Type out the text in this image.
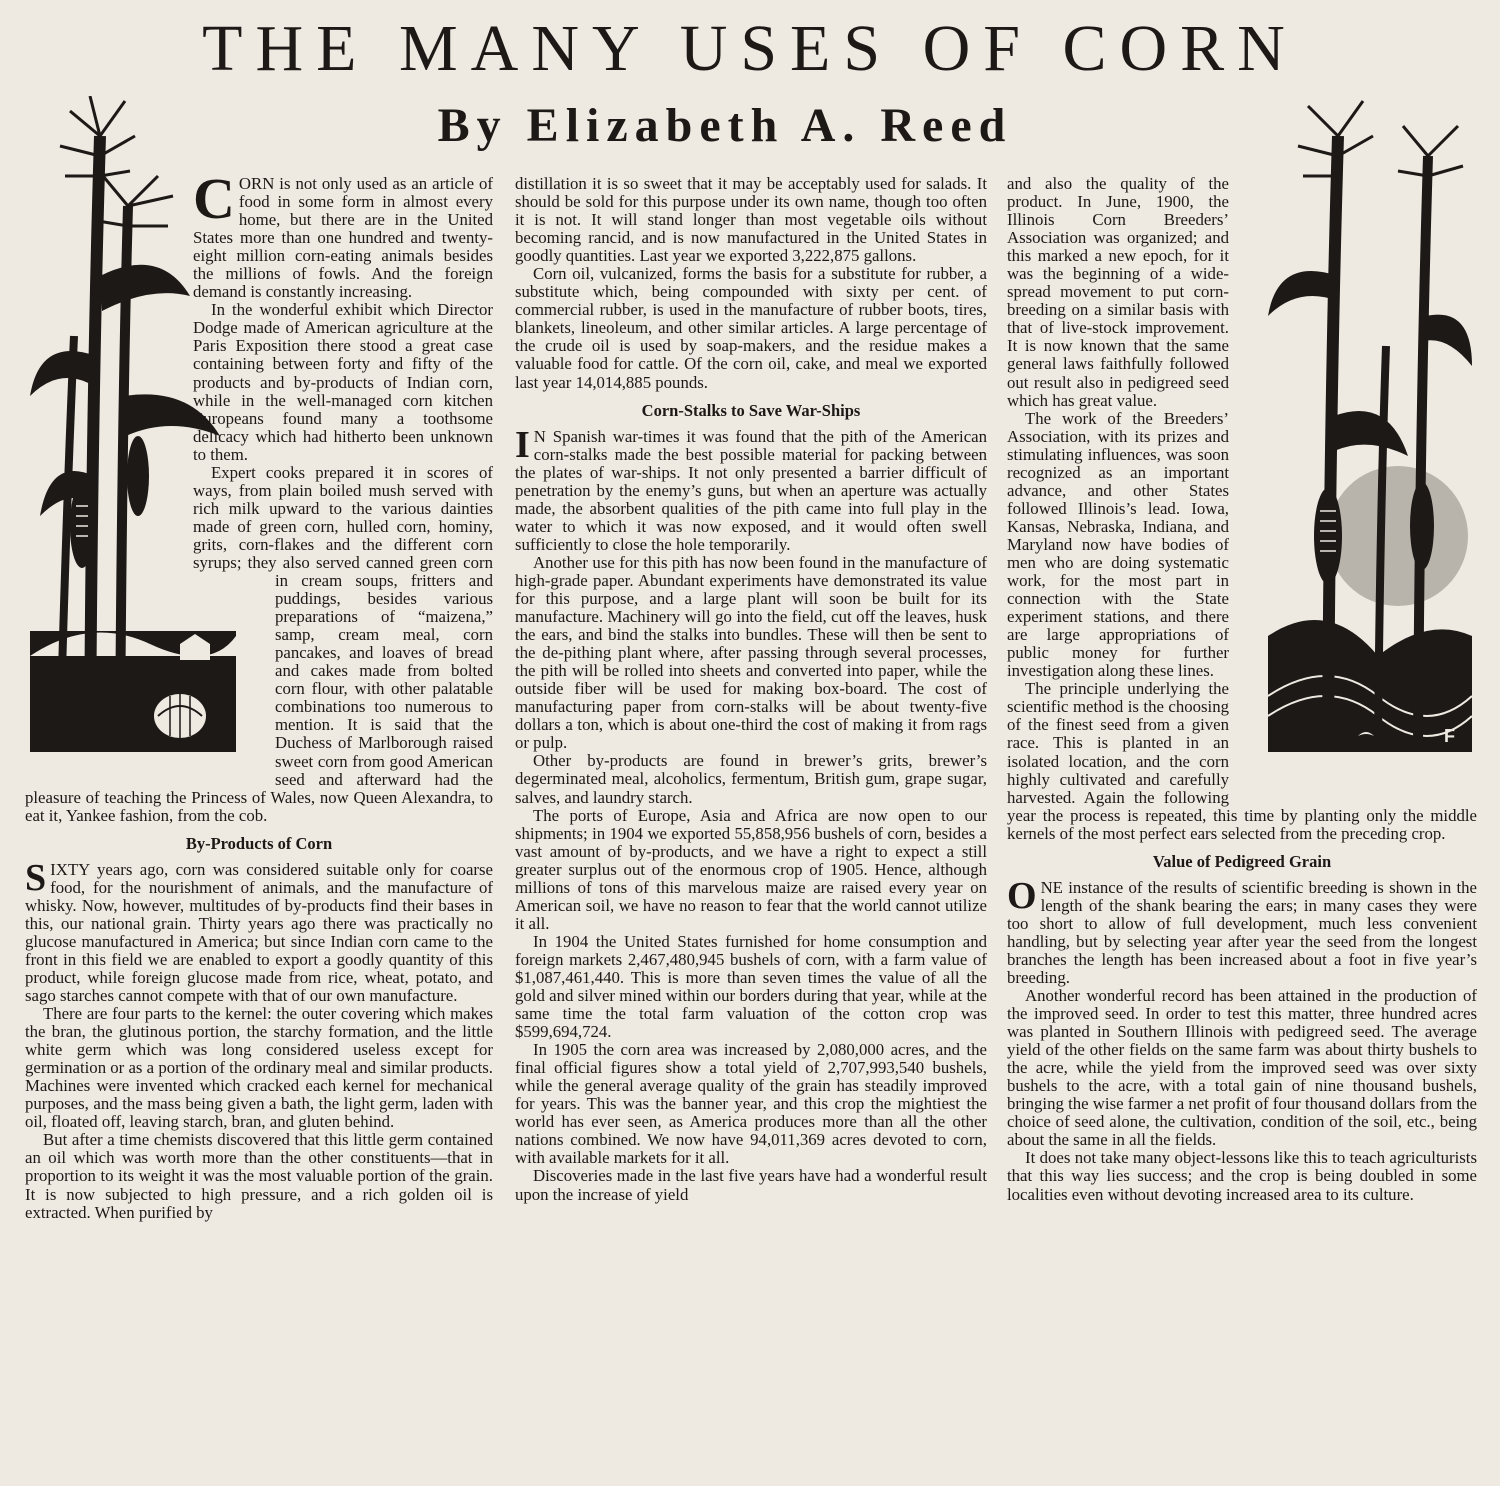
THE MANY USES OF CORN
By Elizabeth A. Reed
F

CORN is not only used as an article of food in some form in almost every home, but there are in the United States more than one hundred and twenty-eight million corn-eating animals besides the millions of fowls. And the foreign demand is constantly increasing.

In the wonderful exhibit which Director Dodge made of American agriculture at the Paris Exposition there stood a great case containing between forty and fifty of the products and by-products of Indian corn, while in the well-managed corn kitchen Europeans found many a toothsome delicacy which had hitherto been unknown to them.

Expert cooks prepared it in scores of ways, from plain boiled mush served with rich milk upward to the various dainties made of green corn, hulled corn, hominy, grits, corn-flakes and the different corn syrups; they also served canned green corn in cream soups, fritters and puddings, besides various preparations of “maizena,” samp, cream meal, corn pancakes, and loaves of bread and cakes made from bolted corn flour, with other palatable combinations too numerous to mention. It is said that the Duchess of Marlborough raised sweet corn from good American seed and afterward had the pleasure of teaching the Princess of Wales, now Queen Alexandra, to eat it, Yankee fashion, from the cob.

By-Products of Corn

SIXTY years ago, corn was considered suitable only for coarse food, for the nourishment of animals, and the manufacture of whisky. Now, however, multitudes of by-products find their bases in this, our national grain. Thirty years ago there was practically no glucose manufactured in America; but since Indian corn came to the front in this field we are enabled to export a goodly quantity of this product, while foreign glucose made from rice, wheat, potato, and sago starches cannot compete with that of our own manufacture.

There are four parts to the kernel: the outer covering which makes the bran, the glutinous portion, the starchy formation, and the little white germ which was long considered useless except for germination or as a portion of the ordinary meal and similar products. Machines were invented which cracked each kernel for mechanical purposes, and the mass being given a bath, the light germ, laden with oil, floated off, leaving starch, bran, and gluten behind.

But after a time chemists discovered that this little germ contained an oil which was worth more than the other constituents—that in proportion to its weight it was the most valuable portion of the grain. It is now subjected to high pressure, and a rich golden oil is extracted. When purified by

distillation it is so sweet that it may be acceptably used for salads. It should be sold for this purpose under its own name, though too often it is not. It will stand longer than most vegetable oils without becoming rancid, and is now manufactured in the United States in goodly quantities. Last year we exported 3,222,875 gallons.

Corn oil, vulcanized, forms the basis for a substitute for rubber, a substitute which, being compounded with sixty per cent. of commercial rubber, is used in the manufacture of rubber boots, tires, blankets, lineoleum, and other similar articles. A large percentage of the crude oil is used by soap-makers, and the residue makes a valuable food for cattle. Of the corn oil, cake, and meal we exported last year 14,014,885 pounds.

Corn-Stalks to Save War-Ships

I N Spanish war-times it was found that the pith of the American corn-stalks made the best possible material for packing between the plates of war-ships. It not only presented a barrier difficult of penetration by the enemy’s guns, but when an aperture was actually made, the absorbent qualities of the pith came into full play in the water to which it was now exposed, and it would often swell sufficiently to close the hole temporarily.

Another use for this pith has now been found in the manufacture of high-grade paper. Abundant experiments have demonstrated its value for this purpose, and a large plant will soon be built for its manufacture. Machinery will go into the field, cut off the leaves, husk the ears, and bind the stalks into bundles. These will then be sent to the de-pithing plant where, after passing through several processes, the pith will be rolled into sheets and converted into paper, while the outside fiber will be used for making box-board. The cost of manufacturing paper from corn-stalks will be about twenty-five dollars a ton, which is about one-third the cost of making it from rags or pulp.

Other by-products are found in brewer’s grits, brewer’s degerminated meal, alcoholics, fermentum, British gum, grape sugar, salves, and laundry starch.

The ports of Europe, Asia and Africa are now open to our shipments; in 1904 we exported 55,858,956 bushels of corn, besides a vast amount of by-products, and we have a right to expect a still greater surplus out of the enormous crop of 1905. Hence, although millions of tons of this marvelous maize are raised every year on American soil, we have no reason to fear that the world cannot utilize it all.

In 1904 the United States furnished for home consumption and foreign markets 2,467,480,945 bushels of corn, with a farm value of $1,087,461,440. This is more than seven times the value of all the gold and silver mined within our borders during that year, while at the same time the total farm valuation of the cotton crop was $599,694,724.

In 1905 the corn area was increased by 2,080,000 acres, and the final official figures show a total yield of 2,707,993,540 bushels, while the general average quality of the grain has steadily improved for years. This was the banner year, and this crop the mightiest the world has ever seen, as America produces more than all the other nations combined. We now have 94,011,369 acres devoted to corn, with available markets for it all.

Discoveries made in the last five years have had a wonderful result upon the increase of yield

and also the quality of the product. In June, 1900, the Illinois Corn Breeders’ Association was organized; and this marked a new epoch, for it was the beginning of a wide-spread movement to put corn-breeding on a similar basis with that of live-stock improvement. It is now known that the same general laws faithfully followed out result also in pedigreed seed which has great value.

The work of the Breeders’ Association, with its prizes and stimulating influences, was soon recognized as an important advance, and other States followed Illinois’s lead. Iowa, Kansas, Nebraska, Indiana, and Maryland now have bodies of men who are doing systematic work, for the most part in connection with the State experiment stations, and there are large appropriations of public money for further investigation along these lines.

The principle underlying the scientific method is the choosing of the finest seed from a given race. This is planted in an isolated location, and the corn highly cultivated and carefully harvested. Again the following year the process is repeated, this time by planting only the middle kernels of the most perfect ears selected from the preceding crop.

Value of Pedigreed Grain

ONE instance of the results of scientific breeding is shown in the length of the shank bearing the ears; in many cases they were too short to allow of full development, much less convenient handling, but by selecting year after year the seed from the longest branches the length has been increased about a foot in five year’s breeding.

Another wonderful record has been attained in the production of the improved seed. In order to test this matter, three hundred acres was planted in Southern Illinois with pedigreed seed. The average yield of the other fields on the same farm was about thirty bushels to the acre, while the yield from the improved seed was over sixty bushels to the acre, with a total gain of nine thousand bushels, bringing the wise farmer a net profit of four thousand dollars from the choice of seed alone, the cultivation, condition of the soil, etc., being about the same in all the fields.

It does not take many object-lessons like this to teach agriculturists that this way lies success; and the crop is being doubled in some localities even without devoting increased area to its culture.
